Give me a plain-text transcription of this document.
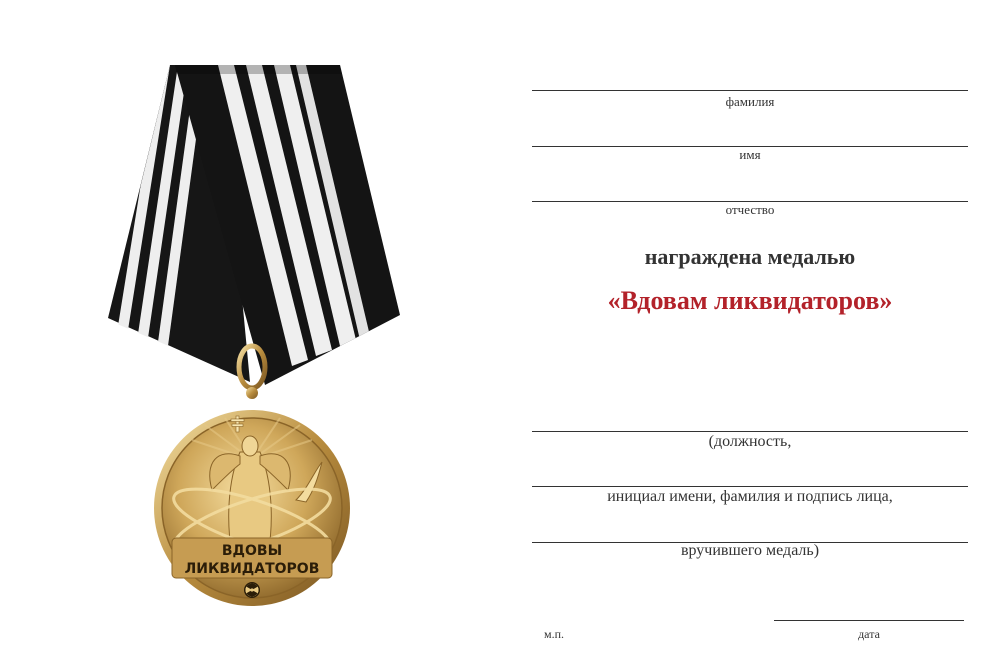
ВДОВЫ
ЛИКВИДАТОРОВ
фамилия
имя
отчество
награждена медалью
«Вдовам ликвидаторов»
(должность,
инициал имени, фамилия и подпись лица,
вручившего медаль)
м.п.	дата
